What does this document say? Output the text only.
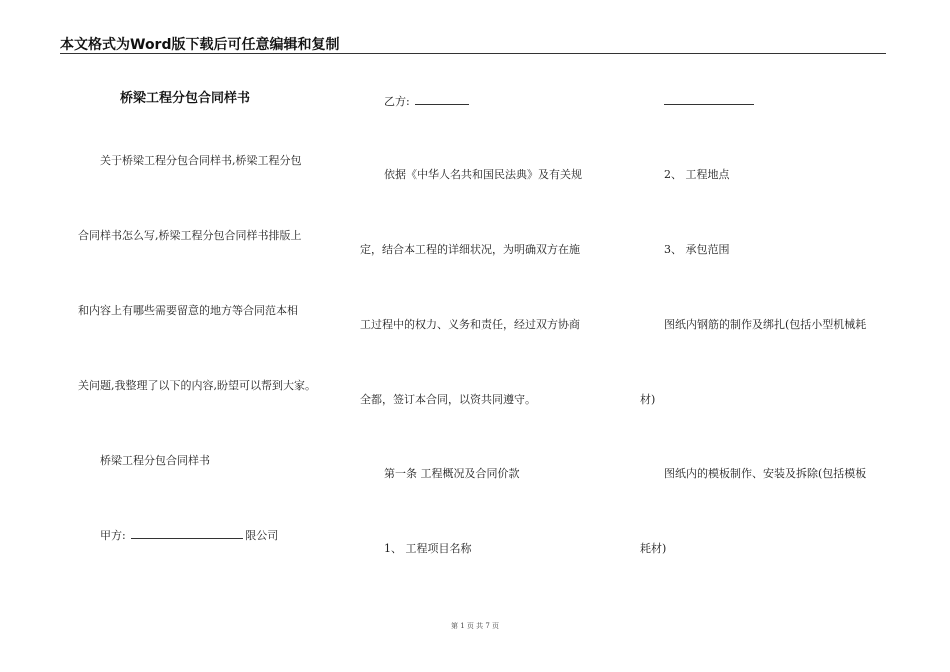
本文格式为Word版下载后可任意编辑和复制
桥梁工程分包合同样书
关于桥梁工程分包合同样书,桥梁工程分包
合同样书怎么写,桥梁工程分包合同样书排版上
和内容上有哪些需要留意的地方等合同范本相
关问题,我整理了以下的内容,盼望可以帮到大家。
桥梁工程分包合同样书
甲方:	限公司
乙方:
依据《中华人名共和国民法典》及有关规
定，结合本工程的详细状况，为明确双方在施
工过程中的权力、义务和责任，经过双方协商
全都，签订本合同，以资共同遵守。
第一条 工程概况及合同价款
1、 工程项目名称
2、 工程地点
3、 承包范围
图纸内钢筋的制作及绑扎(包括小型机械耗
材)
图纸内的模板制作、安装及拆除(包括模板
耗材)
第 1 页 共 7 页
